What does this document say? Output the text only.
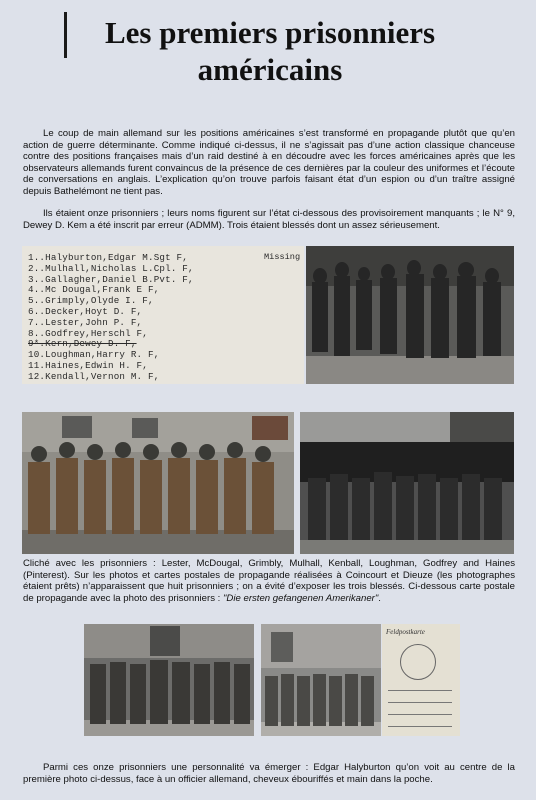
Les premiers prisonniers
américains
Le coup de main allemand sur les positions américaines s’est transformé en propagande plutôt que qu’en action de guerre déterminante. Comme indiqué ci-dessus, il ne s’agissait pas d’une action classique chanceuse contre des positions françaises mais d’un raid destiné à en découdre avec les forces américaines après que les observateurs allemands furent convaincus de la présence de ces dernières par la couleur des uniformes et l’écoute de conversations en anglais. L’explication qu’on trouve parfois faisant état d’un espion ou d’un traître assigné depuis Bathelémont ne tient pas.
Ils étaient onze prisonniers ; leurs noms figurent sur l’état ci-dessous des provisoirement manquants ; le N° 9, Dewey D. Kem a été inscrit par erreur (ADMM). Trois étaient blessés dont un assez sérieusement.
Missing
1..Halyburton,Edgar M.Sgt F,
2..Mulhall,Nicholas L.Cpl. F,
3..Gallagher,Daniel B.Pvt. F,
4..Mc Dougal,Frank E F,
5..Grimply,Olyde I. F,
6..Decker,Hoyt D. F,
7..Lester,John P. F,
8..Godfrey,Herschl F,
9*.Kern,Dewey D. F,
10.Loughman,Harry R. F,
11.Haines,Edwin H. F,
12.Kendall,Vernon M. F,
Cliché avec les prisonniers : Lester, McDougal, Grimbly, Mulhall, Kenball, Loughman, Godfrey and Haines (Pinterest). Sur les photos et cartes postales de propagande réalisées à Coincourt et Dieuze (les photographes étaient prêts) n’apparaissent que huit prisonniers ; on a évité d’exposer les trois blessés. Ci-dessous carte postale de propagande avec la photo des prisonniers : "Die ersten gefangenen Amerikaner".
Feldpostkarte
Parmi ces onze prisonniers une personnalité va émerger : Edgar Halyburton qu’on voit au centre de la première photo ci-dessus, face à un officier allemand, cheveux ébouriffés et main dans la poche.
